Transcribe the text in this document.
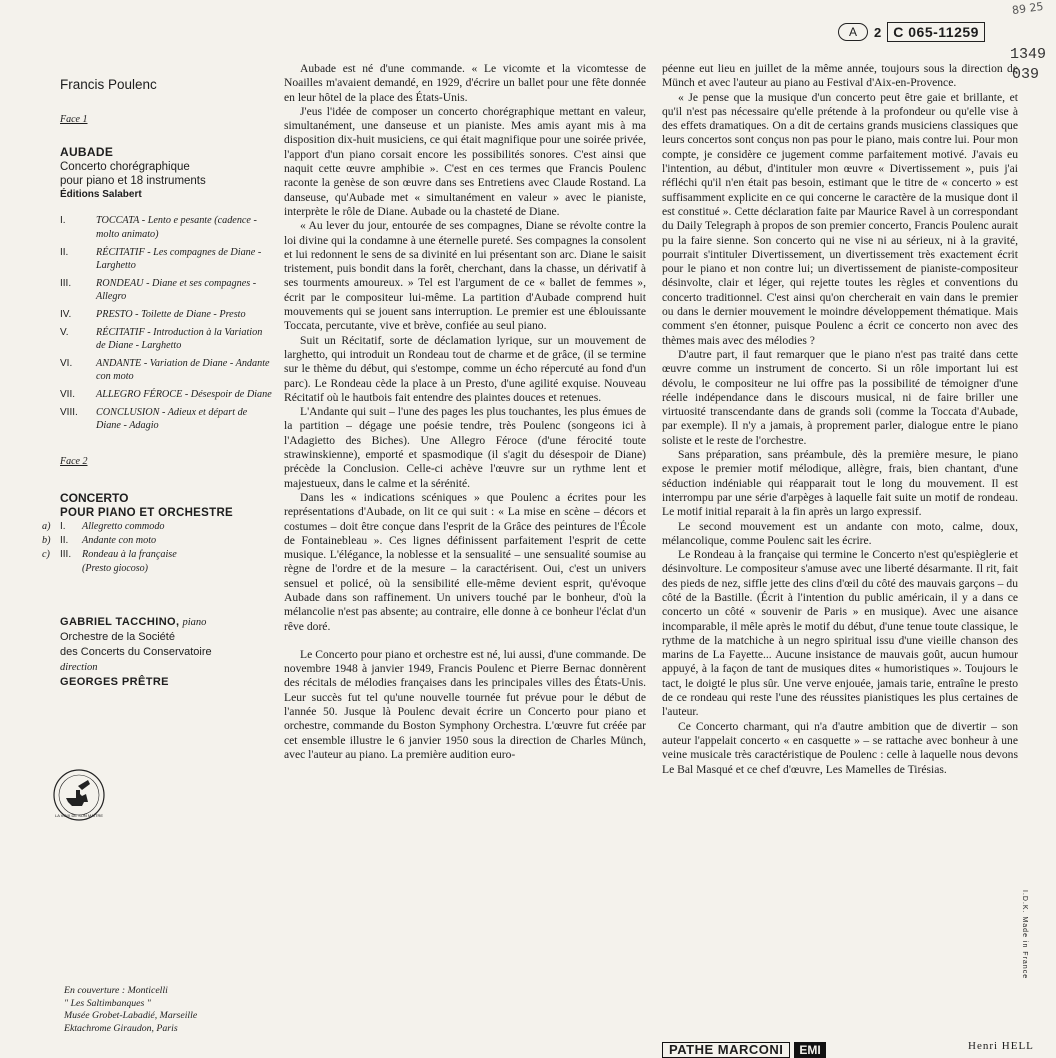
A	2 C 065-11259
89 25
1349
039
Francis Poulenc
Face 1
AUBADE
Concerto chorégraphique
pour piano et 18 instruments
Éditions Salabert
I.	TOCCATA - Lento e pesante (cadence - molto animato)
II.	RÉCITATIF - Les compagnes de Diane - Larghetto
III.	RONDEAU - Diane et ses compagnes - Allegro
IV.	PRESTO - Toilette de Diane - Presto
V.	RÉCITATIF - Introduction à la Variation de Diane - Larghetto
VI.	ANDANTE - Variation de Diane - Andante con moto
VII.	ALLEGRO FÉROCE - Désespoir de Diane
VIII.	CONCLUSION - Adieux et départ de Diane - Adagio
Face 2
CONCERTO
POUR PIANO ET ORCHESTRE
a) I.	Allegretto commodo
b) II.	Andante con moto
c)	III.	Rondeau à la française
(Presto giocoso)
GABRIEL TACCHINO, piano
Orchestre de la Société
des Concerts du Conservatoire
direction
GEORGES PRÊTRE
LA VOIX DE SON MAÎTRE
En couverture : Monticelli
" Les Saltimbanques "
Musée Grobet-Labadié, Marseille
Ektachrome Giraudon, Paris

Aubade est né d'une commande. « Le vicomte et la vicomtesse de Noailles m'avaient demandé, en 1929, d'écrire un ballet pour une fête donnée en leur hôtel de la place des États-Unis.

J'eus l'idée de composer un concerto chorégraphique mettant en valeur, simultanément, une danseuse et un pianiste. Mes amis ayant mis à ma disposition dix-huit musiciens, ce qui était magnifique pour une soirée privée, l'apport d'un piano corsait encore les possibilités sonores. C'est ainsi que naquit cette œuvre amphibie ». C'est en ces termes que Francis Poulenc raconte la genèse de son œuvre dans ses Entretiens avec Claude Rostand. La danseuse, qu'Aubade met « simultanément en valeur » avec le pianiste, interprète le rôle de Diane. Aubade ou la chasteté de Diane.

« Au lever du jour, entourée de ses compagnes, Diane se révolte contre la loi divine qui la condamne à une éternelle pureté. Ses compagnes la consolent et lui redonnent le sens de sa divinité en lui présentant son arc. Diane le saisit tristement, puis bondit dans la forêt, cherchant, dans la chasse, un dérivatif à ses tourments amoureux. » Tel est l'argument de ce « ballet de femmes », écrit par le compositeur lui-même. La partition d'Aubade comprend huit mouvements qui se jouent sans interruption. Le premier est une éblouissante Toccata, percutante, vive et brève, confiée au seul piano.

Suit un Récitatif, sorte de déclamation lyrique, sur un mouvement de larghetto, qui introduit un Rondeau tout de charme et de grâce, (il se termine sur le thème du début, qui s'estompe, comme un écho répercuté au fond d'un parc). Le Rondeau cède la place à un Presto, d'une agilité exquise. Nouveau Récitatif où le hautbois fait entendre des plaintes douces et retenues.

L'Andante qui suit – l'une des pages les plus touchantes, les plus émues de la partition – dégage une poésie tendre, très Poulenc (songeons ici à l'Adagietto des Biches). Une Allegro Féroce (d'une férocité toute strawinskienne), emporté et spasmodique (il s'agit du désespoir de Diane) précède la Conclusion. Celle-ci achève l'œuvre sur un rythme lent et majestueux, dans le calme et la sérénité.

Dans les « indications scéniques » que Poulenc a écrites pour les représentations d'Aubade, on lit ce qui suit : « La mise en scène – décors et costumes – doit être conçue dans l'esprit de la Grâce des peintures de l'École de Fontainebleau ». Ces lignes définissent parfaitement l'esprit de cette musique. L'élégance, la noblesse et la sensualité – une sensualité soumise au règne de l'ordre et de la mesure – la caractérisent. Oui, c'est un univers sensuel et policé, où la sensibilité elle-même devient esprit, qu'évoque Aubade dans son raffinement. Un univers touché par le bonheur, d'où la mélancolie n'est pas absente; au contraire, elle donne à ce bonheur l'éclat d'un rêve doré.

Le Concerto pour piano et orchestre est né, lui aussi, d'une commande. De novembre 1948 à janvier 1949, Francis Poulenc et Pierre Bernac donnèrent des récitals de mélodies françaises dans les principales villes des États-Unis. Leur succès fut tel qu'une nouvelle tournée fut prévue pour le début de l'année 50. Jusque là Poulenc devait écrire un Concerto pour piano et orchestre, commande du Boston Symphony Orchestra. L'œuvre fut créée par cet ensemble illustre le 6 janvier 1950 sous la direction de Charles Münch, avec l'auteur au piano. La première audition euro-

péenne eut lieu en juillet de la même année, toujours sous la direction de Münch et avec l'auteur au piano au Festival d'Aix-en-Provence.

« Je pense que la musique d'un concerto peut être gaie et brillante, et qu'il n'est pas nécessaire qu'elle prétende à la profondeur ou qu'elle vise à des effets dramatiques. On a dit de certains grands musiciens classiques que leurs concertos sont conçus non pas pour le piano, mais contre lui. Pour mon compte, je considère ce jugement comme parfaitement motivé. J'avais eu l'intention, au début, d'intituler mon œuvre « Divertissement », puis j'ai réfléchi qu'il n'en était pas besoin, estimant que le titre de « concerto » est suffisamment explicite en ce qui concerne le caractère de la musique dont il est constitué ». Cette déclaration faite par Maurice Ravel à un correspondant du Daily Telegraph à propos de son premier concerto, Francis Poulenc aurait pu la faire sienne. Son concerto qui ne vise ni au sérieux, ni à la gravité, pourrait s'intituler Divertissement, un divertissement très exactement écrit pour le piano et non contre lui; un divertissement de pianiste-compositeur désinvolte, clair et léger, qui rejette toutes les règles et conventions du concerto traditionnel. C'est ainsi qu'on chercherait en vain dans le premier ou dans le dernier mouvement le moindre développement thématique. Mais comment s'en étonner, puisque Poulenc a écrit ce concerto non avec des thèmes mais avec des mélodies ?

D'autre part, il faut remarquer que le piano n'est pas traité dans cette œuvre comme un instrument de concerto. Si un rôle important lui est dévolu, le compositeur ne lui offre pas la possibilité de témoigner d'une réelle indépendance dans le discours musical, ni de faire briller une virtuosité transcendante dans de grands soli (comme la Toccata d'Aubade, par exemple). Il n'y a jamais, à proprement parler, dialogue entre le piano soliste et le reste de l'orchestre.

Sans préparation, sans préambule, dès la première mesure, le piano expose le premier motif mélodique, allègre, frais, bien chantant, d'une séduction indéniable qui réapparait tout le long du mouvement. Il est interrompu par une série d'arpèges à laquelle fait suite un motif de rondeau. Le motif initial reparait à la fin après un largo expressif.

Le second mouvement est un andante con moto, calme, doux, mélancolique, comme Poulenc sait les écrire.

Le Rondeau à la française qui termine le Concerto n'est qu'espièglerie et désinvolture. Le compositeur s'amuse avec une liberté désarmante. Il rit, fait des pieds de nez, siffle jette des clins d'œil du côté des mauvais garçons – du côté de la Bastille. (Écrit à l'intention du public américain, il y a dans ce concerto un côté « souvenir de Paris » en musique). Avec une aisance incomparable, il mêle après le motif du début, d'une tenue toute classique, le rythme de la matchiche à un negro spiritual issu d'une vieille chanson des marins de La Fayette... Aucune insistance de mauvais goût, aucun humour appuyé, à la façon de tant de musiques dites « humoristiques ». Toujours le tact, le doigté le plus sûr. Une verve enjouée, jamais tarie, entraîne le presto de ce rondeau qui reste l'une des réussites pianistiques les plus certaines de l'auteur.

Ce Concerto charmant, qui n'a d'autre ambition que de divertir – son auteur l'appelait concerto « en casquette » – se rattache avec bonheur à une veine musicale très caractéristique de Poulenc : celle à laquelle nous devons Le Bal Masqué et ce chef d'œuvre, Les Mamelles de Tirésias.

Henri HELL
I.D.K. Made in France
PATHE MARCONI	EMI
